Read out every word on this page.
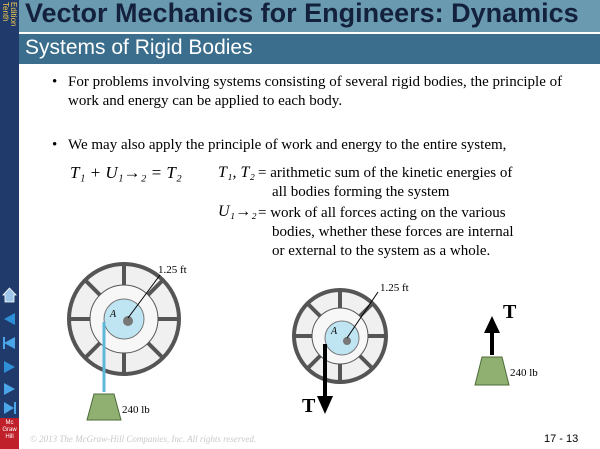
Tenth Edition
Mc
Graw
Hill
Vector Mechanics for Engineers: Dynamics
Systems of Rigid Bodies
• For problems involving systems consisting of several rigid bodies, the principle of work and energy can be applied to each body.
• We may also apply the principle of work and energy to the entire system,
T₁ + U₁→₂ = T₂ T₁, T₂ = arithmetic sum of the kinetic energies of
all bodies forming the system
U₁→₂ = work of all forces acting on the various
bodies, whether these forces are internal
or external to the system as a whole.
A
1.25 ft
240 lb
A
1.25 ft
T
T
240 lb
© 2013 The McGraw-Hill Companies, Inc. All rights reserved.	17 - 13
